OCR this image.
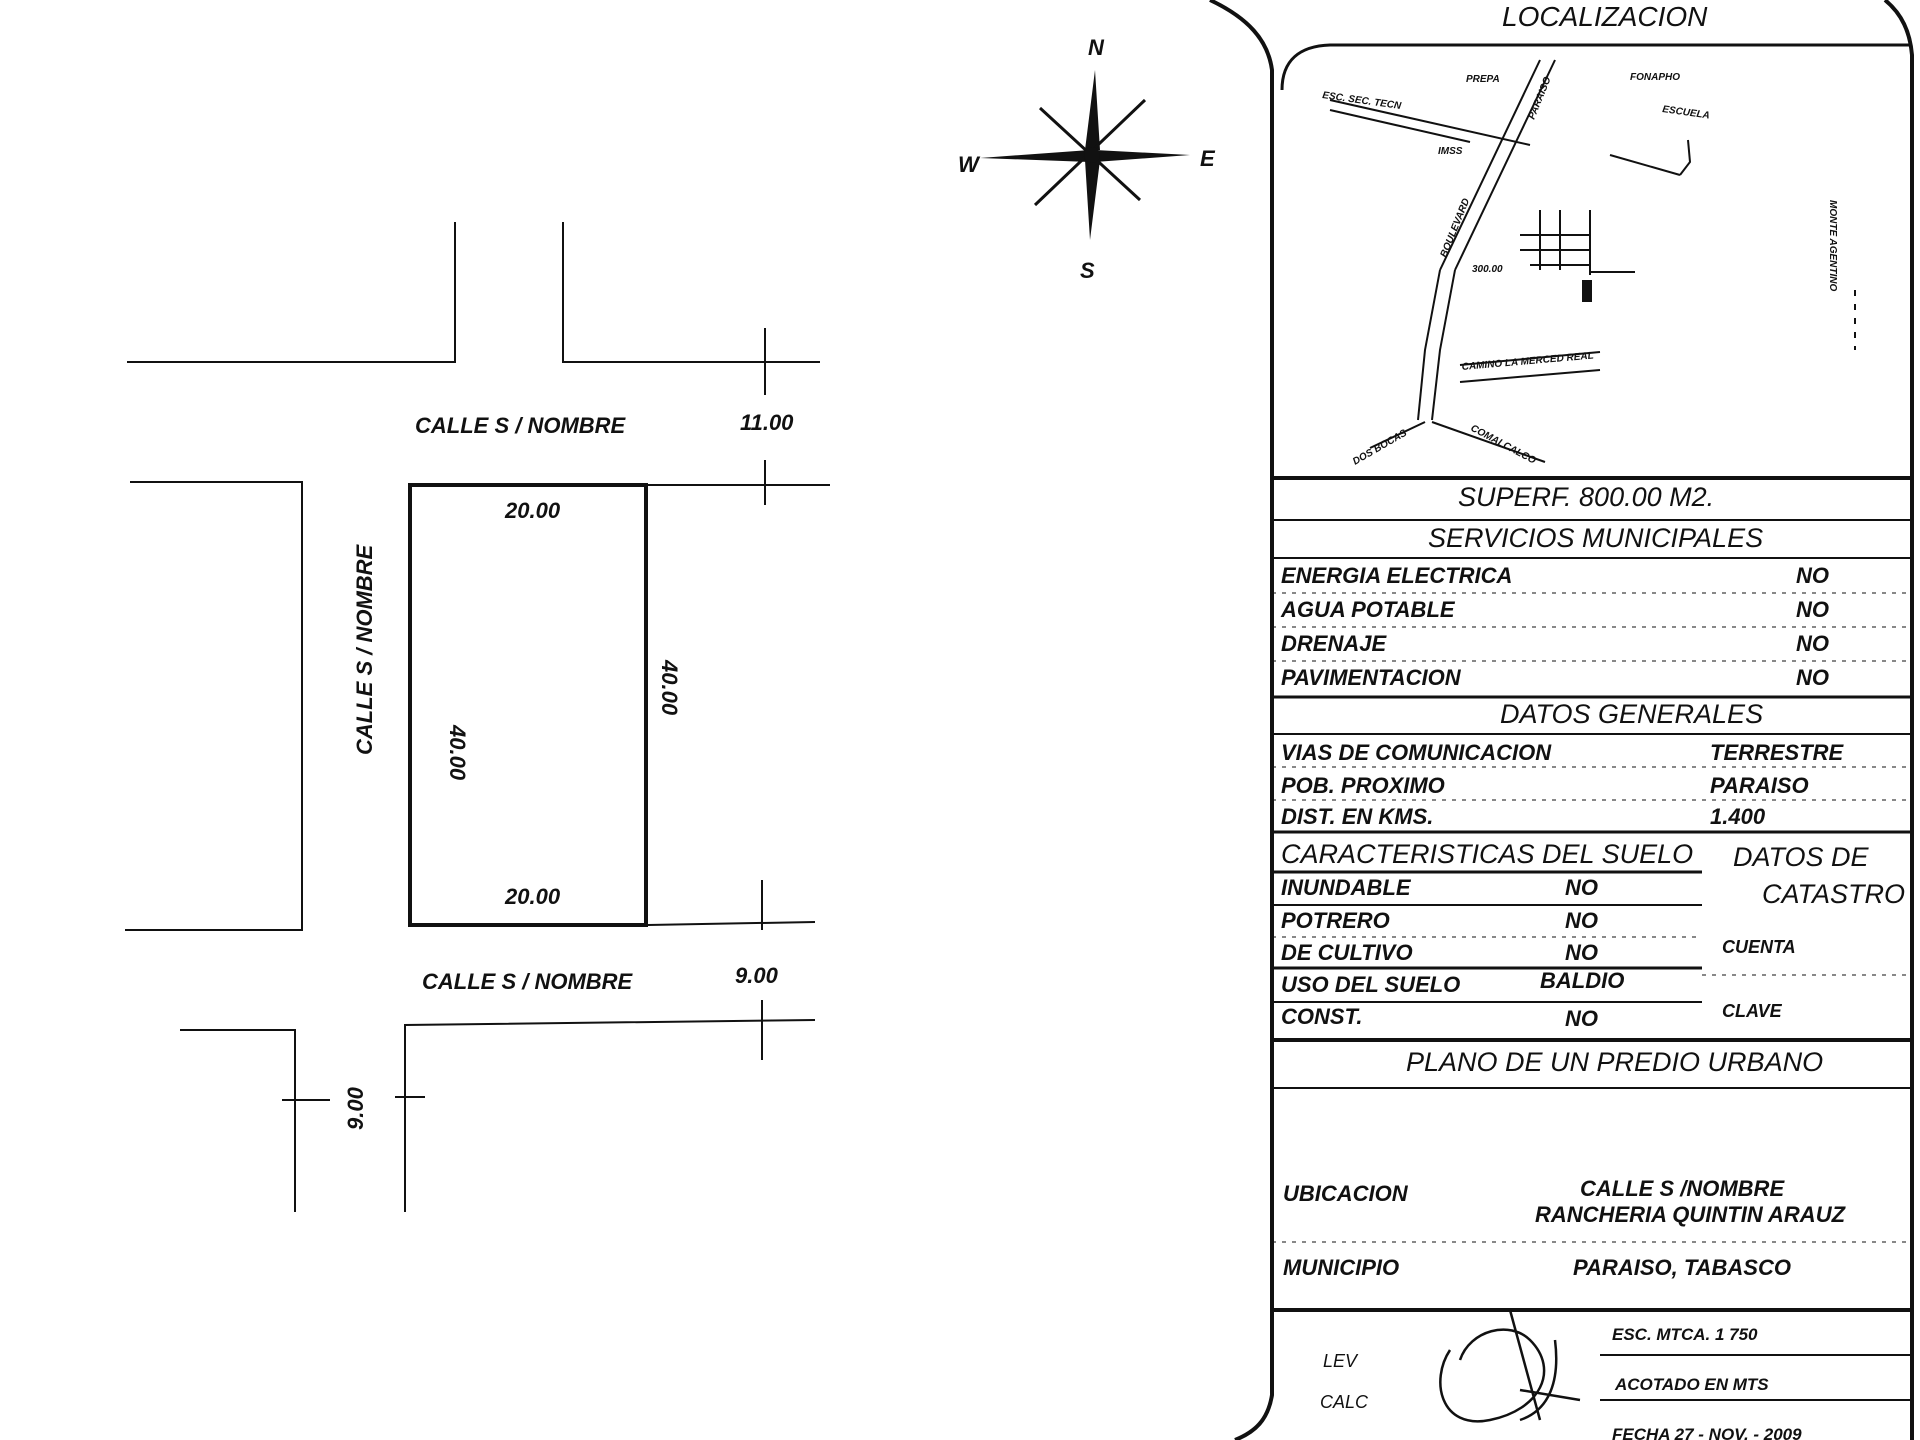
N
S
E
W
CALLE S / NOMBRE	11.00
CALLE S / NOMBRE	9.00
CALLE S / NOMBRE
9.00
20.00
20.00
40.00
40.00
LOCALIZACION
ESC. SEC. TECN
PREPA	PARAISO	FONAPHO
ESCUELA
IMSS
BOULEVARD	MONTE AGENTINO
300.00
CAMINO LA MERCED REAL
DOS BOCAS	COMALCALCO
SUPERF. 800.00 M2.
SERVICIOS MUNICIPALES
ENERGIA ELECTRICA	NO
AGUA POTABLE	NO
DRENAJE	NO
PAVIMENTACION	NO
DATOS GENERALES
VIAS DE COMUNICACION	TERRESTRE
POB. PROXIMO	PARAISO
DIST. EN KMS.	1.400
CARACTERISTICAS DEL SUELO
INUNDABLE	NO
POTRERO	NO
DE CULTIVO	NO
USO DEL SUELO	BALDIO
CONST.	NO
DATOS DE
CATASTRO
CUENTA
CLAVE
PLANO DE UN PREDIO URBANO
UBICACION	CALLE S /NOMBRE
RANCHERIA QUINTIN ARAUZ
MUNICIPIO	PARAISO, TABASCO
LEV
CALC
ESC. MTCA. 1 750
ACOTADO EN MTS
FECHA 27 - NOV. - 2009
